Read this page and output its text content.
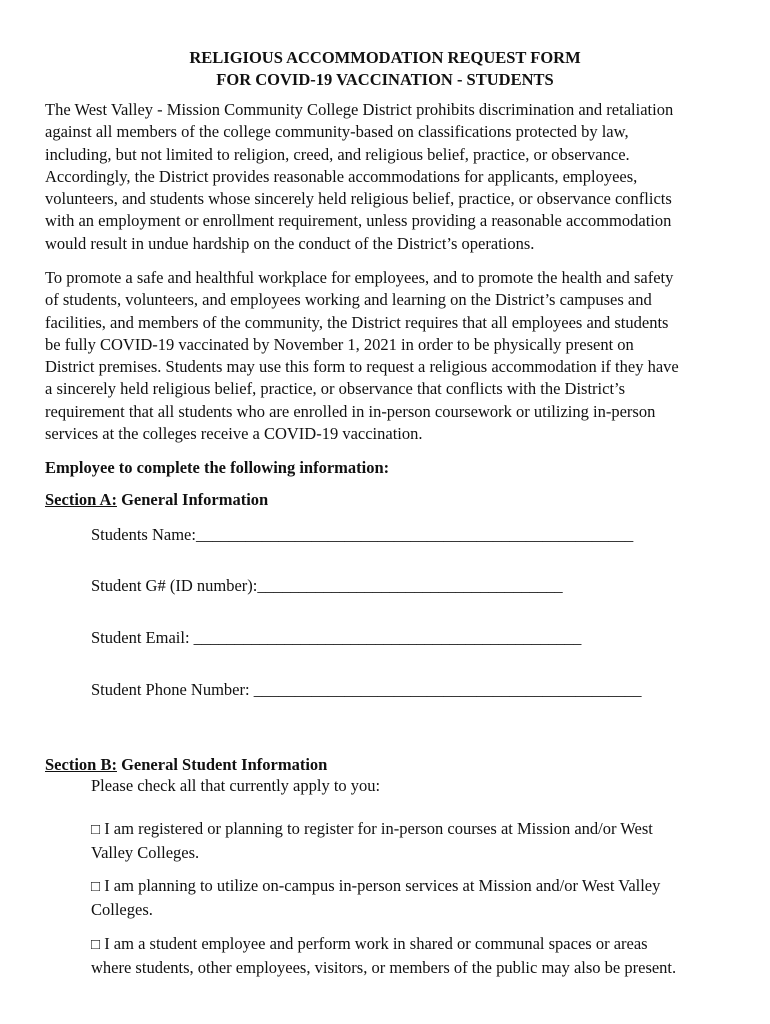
RELIGIOUS ACCOMMODATION REQUEST FORM
FOR COVID-19 VACCINATION - STUDENTS
The West Valley - Mission Community College District prohibits discrimination and retaliation
against all members of the college community-based on classifications protected by law,
including, but not limited to religion, creed, and religious belief, practice, or observance.
Accordingly, the District provides reasonable accommodations for applicants, employees,
volunteers, and students whose sincerely held religious belief, practice, or observance conflicts
with an employment or enrollment requirement, unless providing a reasonable accommodation
would result in undue hardship on the conduct of the District’s operations.
To promote a safe and healthful workplace for employees, and to promote the health and safety
of students, volunteers, and employees working and learning on the District’s campuses and
facilities, and members of the community, the District requires that all employees and students
be fully COVID-19 vaccinated by November 1, 2021 in order to be physically present on
District premises. Students may use this form to request a religious accommodation if they have
a sincerely held religious belief, practice, or observance that conflicts with the District’s
requirement that all students who are enrolled in in-person coursework or utilizing in-person
services at the colleges receive a COVID-19 vaccination.
Employee to complete the following information:
Section A: General Information
Students Name:_____________________________________________________
Student G# (ID number):_____________________________________
Student Email: _______________________________________________
Student Phone Number: _______________________________________________
Section B: General Student Information
Please check all that currently apply to you:
□ I am registered or planning to register for in-person courses at Mission and/or West
Valley Colleges.
□ I am planning to utilize on-campus in-person services at Mission and/or West Valley
Colleges.
□ I am a student employee and perform work in shared or communal spaces or areas
where students, other employees, visitors, or members of the public may also be present.
